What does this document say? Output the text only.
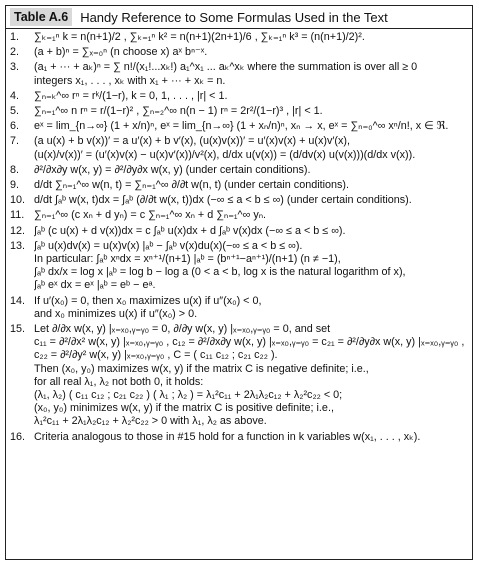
Table A.6 Handy Reference to Some Formulas Used in the Text
1.	∑ₖ₌₁ⁿ k = n(n+1)/2 , ∑ₖ₌₁ⁿ k² = n(n+1)(2n+1)/6 , ∑ₖ₌₁ⁿ k³ = (n(n+1)/2)².
2.	(a + b)ⁿ = ∑ₓ₌₀ⁿ (n choose x) aˣ bⁿ⁻ˣ.
3.	(a₁ + ··· + aₖ)ⁿ = ∑ n!/(x₁!...xₖ!) a₁^x₁ ... aₖ^xₖ where the summation is over all ≥ 0
integers x₁, . . . , xₖ with x₁ + ··· + xₖ = n.
4.	∑ₙ₌ₖ^∞ rⁿ = rᵏ/(1−r), k = 0, 1, . . . , |r| < 1.
5.	∑ₙ₌₁^∞ n rⁿ = r/(1−r)² , ∑ₙ₌₂^∞ n(n − 1) rⁿ = 2r²/(1−r)³ , |r| < 1.
6.	eˣ = lim_{n→∞} (1 + x/n)ⁿ, eˣ = lim_{n→∞} (1 + xₙ/n)ⁿ, xₙ → x, eˣ = ∑ₙ₌₀^∞ xⁿ/n!, x ∈ ℜ.
7.	(a u(x) + b v(x))′ = a u′(x) + b v′(x), (u(x)v(x))′ = u′(x)v(x) + u(x)v′(x),
(u(x)/v(x))′ = (u′(x)v(x) − u(x)v′(x))/v²(x), d/dx u(v(x)) = (d/dv(x) u(v(x)))(d/dx v(x)).
8.	∂²/∂x∂y w(x, y) = ∂²/∂y∂x w(x, y) (under certain conditions).
9.	d/dt ∑ₙ₌₁^∞ w(n, t) = ∑ₙ₌₁^∞ ∂/∂t w(n, t) (under certain conditions).
10. d/dt ∫ₐᵇ w(x, t)dx = ∫ₐᵇ (∂/∂t w(x, t))dx (−∞ ≤ a < b ≤ ∞) (under certain conditions).
11. ∑ₙ₌₁^∞ (c xₙ + d yₙ) = c ∑ₙ₌₁^∞ xₙ + d ∑ₙ₌₁^∞ yₙ.
12. ∫ₐᵇ (c u(x) + d v(x))dx = c ∫ₐᵇ u(x)dx + d ∫ₐᵇ v(x)dx (−∞ ≤ a < b ≤ ∞).
13. ∫ₐᵇ u(x)dv(x) = u(x)v(x) |ₐᵇ − ∫ₐᵇ v(x)du(x)(−∞ ≤ a < b ≤ ∞).
In particular: ∫ₐᵇ xⁿdx = xⁿ⁺¹/(n+1) |ₐᵇ = (bⁿ⁺¹−aⁿ⁺¹)/(n+1) (n ≠ −1),
∫ₐᵇ dx/x = log x |ₐᵇ = log b − log a (0 < a < b, log x is the natural logarithm of x),
∫ₐᵇ eˣ dx = eˣ |ₐᵇ = eᵇ − eᵃ.
14. If u′(x₀) = 0, then x₀ maximizes u(x) if u″(x₀) < 0,
and x₀ minimizes u(x) if u″(x₀) > 0.
15. Let ∂/∂x w(x, y) |ₓ₌ₓ₀,ᵧ₌ᵧ₀ = 0, ∂/∂y w(x, y) |ₓ₌ₓ₀,ᵧ₌ᵧ₀ = 0, and set
c₁₁ = ∂²/∂x² w(x, y) |ₓ₌ₓ₀,ᵧ₌ᵧ₀ , c₁₂ = ∂²/∂x∂y w(x, y) |ₓ₌ₓ₀,ᵧ₌ᵧ₀ = c₂₁ = ∂²/∂y∂x w(x, y) |ₓ₌ₓ₀,ᵧ₌ᵧ₀ ,
c₂₂ = ∂²/∂y² w(x, y) |ₓ₌ₓ₀,ᵧ₌ᵧ₀ , C = ( c₁₁ c₁₂ ; c₂₁ c₂₂ ).
Then (x₀, y₀) maximizes w(x, y) if the matrix C is negative definite; i.e.,
for all real λ₁, λ₂ not both 0, it holds:
(λ₁, λ₂) ( c₁₁ c₁₂ ; c₂₁ c₂₂ ) ( λ₁ ; λ₂ ) = λ₁²c₁₁ + 2λ₁λ₂c₁₂ + λ₂²c₂₂ < 0;
(x₀, y₀) minimizes w(x, y) if the matrix C is positive definite; i.e.,
λ₁²c₁₁ + 2λ₁λ₂c₁₂ + λ₂²c₂₂ > 0 with λ₁, λ₂ as above.
16. Criteria analogous to those in #15 hold for a function in k variables w(x₁, . . . , xₖ).
